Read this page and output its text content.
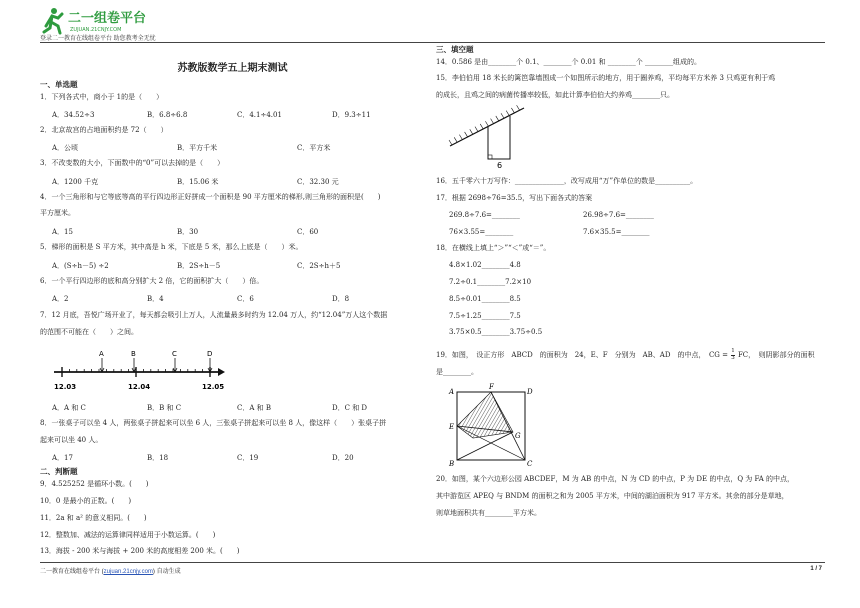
二一组卷平台
ZUJUAN.21CNJY.COM
登录二一教育在线组卷平台 助您教考全无忧
苏教版数学五上期末测试
一、单选题
1．下列各式中，商小于 1的是（　　）
A．34.52÷3	B．6.8÷6.8	C．4.1÷4.01	D．9.3÷11
2．北京故宫的占地面积约是 72（　　）
A．公顷	B．平方千米	C．平方米
3．不改变数的大小，下面数中的“0”可以去掉的是（　　）
A．1200 千克	B．15.06 米	C．32.30 元
4．一个三角形和与它等底等高的平行四边形正好拼成一个面积是 90 平方厘米的梯形,则三角形的面积是(　　)
平方厘米。
A．15	B．30	C．60
5．梯形的面积是 S 平方米，其中高是 h 米，下底是 5 米，那么上底是（　　）米。
A．(S÷h－5) ÷2	B．2S÷h－5	C．2S÷h＋5
6．一个平行四边形的底和高分别扩大 2 倍，它的面积扩大（　　）倍。
A．2	B．4	C．6	D．8
7．12 月底，吾悦广场开业了，每天都会吸引上万人，人流量最多时约为 12.04 万人，约“12.04”万人这个数据
的范围不可能在（　　）之间。
12.03	12.04	12.05
A	B	C	D
A．A 和 C	B．B 和 C	C．A 和 B	D．C 和 D
8．一张桌子可以坐 4 人，两张桌子拼起来可以坐 6 人，三张桌子拼起来可以坐 8 人，像这样（　　）张桌子拼
起来可以坐 40 人。
A．17	B．18	C．19	D．20
二、判断题
9．4.525252 是循环小数。(　　)
10．0 是最小的正数。(　　)
11．2a 和 a² 的意义相同。(　　)
12．整数加、减法的运算律同样适用于小数运算。(　　)
13．海拔 - 200 米与海拔 + 200 米的高度相差 200 米。(　　)
三、填空题
14．0.586 是由________个 0.1、________个 0.01 和 ________个 ________组成的。
15．李伯伯用 18 米长的篱笆靠墙围成一个如图所示的地方，用于圈养鸡，平均每平方米养 3 只鸡更有利于鸡
的成长，且鸡之间的病菌传播率较低，如此计算李伯伯大约养鸡________只。
6
16．五千零六十万写作：______________，改写成用“万”作单位的数是__________。
17．根据 2698÷76=35.5，写出下面各式的答案
269.8÷7.6=________	26.98÷7.6=________
76×3.55=________	7.6×35.5=________
18．在横线上填上“＞”“＜”或“＝”。
4.8×1.02________4.8
7.2÷0.1________7.2×10
8.5÷0.01________8.5
7.5÷1.25________7.5
3.75×0.5________3.75÷0.5
19．如图，　设正方形　ABCD　的面积为　24，E、F　分别为　AB、AD　的中点，　CG = $\frac{1}{3}$ FC，　则阴影部分的面积
是________。
A
F
D
E
G
B	C
20．如图，某个六边形公园 ABCDEF，M 为 AB 的中点，N 为 CD 的中点，P 为 DE 的中点，Q 为 FA 的中点，
其中游览区 APEQ 与 BNDM 的面积之和为 2005 平方米，中间的湖泊面积为 917 平方米。其余的部分是草地，
则草地面积共有________平方米。
二一教育在线组卷平台 (zujuan.21cnjy.com) 自动生成	1 / 7
